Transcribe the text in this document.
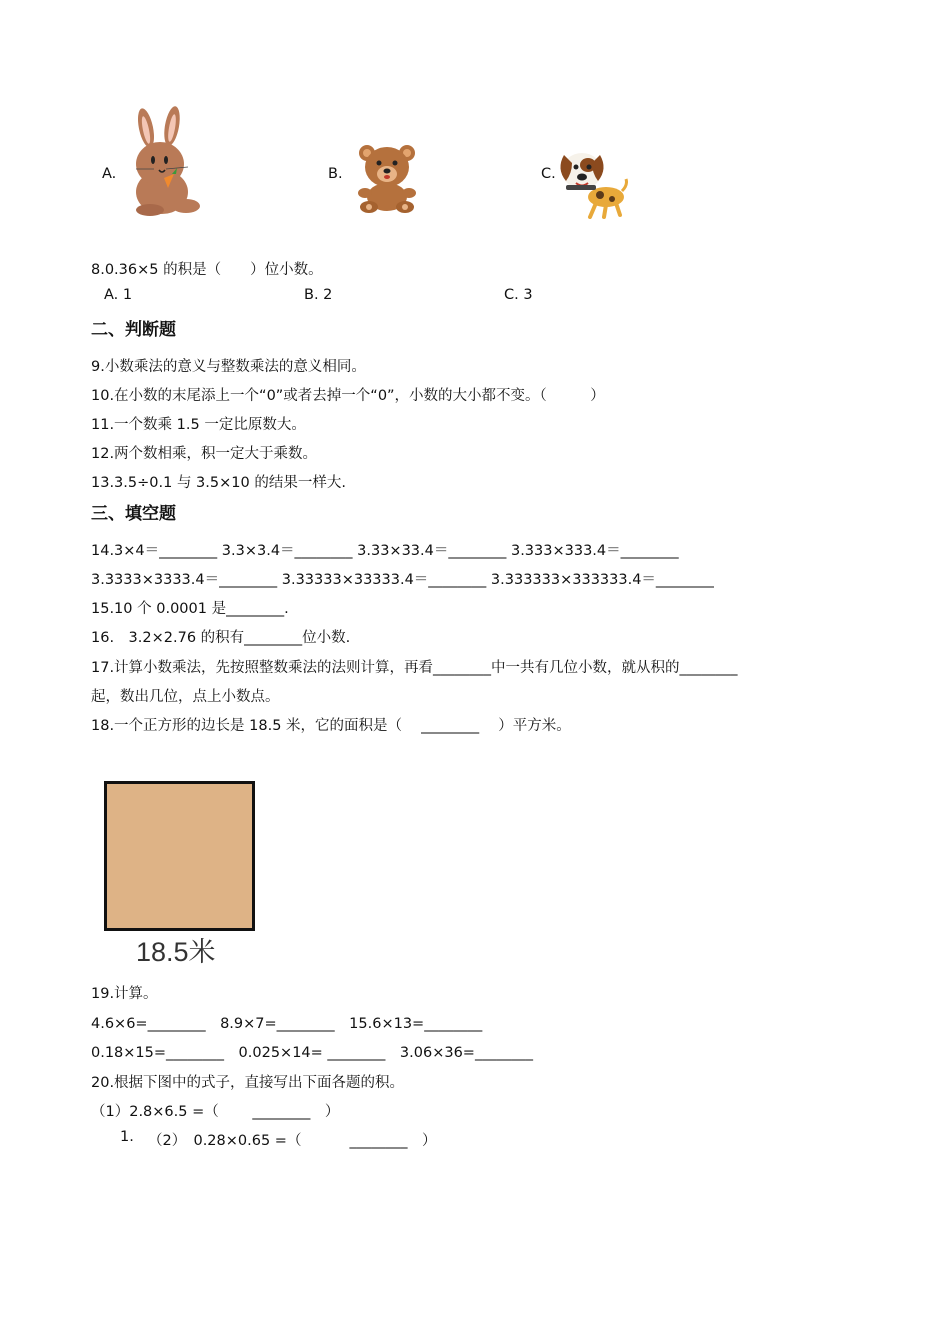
A.	B.	C.
8.0.36×5 的积是（　　）位小数。
A. 1	B. 2	C. 3
二、判断题
9.小数乘法的意义与整数乘法的意义相同。
10.在小数的末尾添上一个“0”或者去掉一个“0”，小数的大小都不变。（　　　）
11.一个数乘 1.5 一定比原数大。
12.两个数相乘，积一定大于乘数。
13.3.5÷0.1 与 3.5×10 的结果一样大.
三、填空题
14.3×4＝________ 3.3×3.4＝________ 3.33×33.4＝________ 3.333×333.4＝________
3.3333×3333.4＝________ 3.33333×33333.4＝________ 3.333333×333333.4＝________
15.10 个 0.0001 是________.
16.　3.2×2.76 的积有________位小数.
17.计算小数乘法，先按照整数乘法的法则计算，再看________中一共有几位小数，就从积的________
起，数出几位，点上小数点。
18.一个正方形的边长是 18.5 米，它的面积是（　 ________ 　）平方米。
18.5米
19.计算。
4.6×6=________　8.9×7=________　15.6×13=________
0.18×15=________　0.025×14= ________　3.06×36=________
20.根据下图中的式子，直接写出下面各题的积。
（1）2.8×6.5 =（　　 ________　）
1. （2）　0.28×0.65 =（　　　 ________　）
